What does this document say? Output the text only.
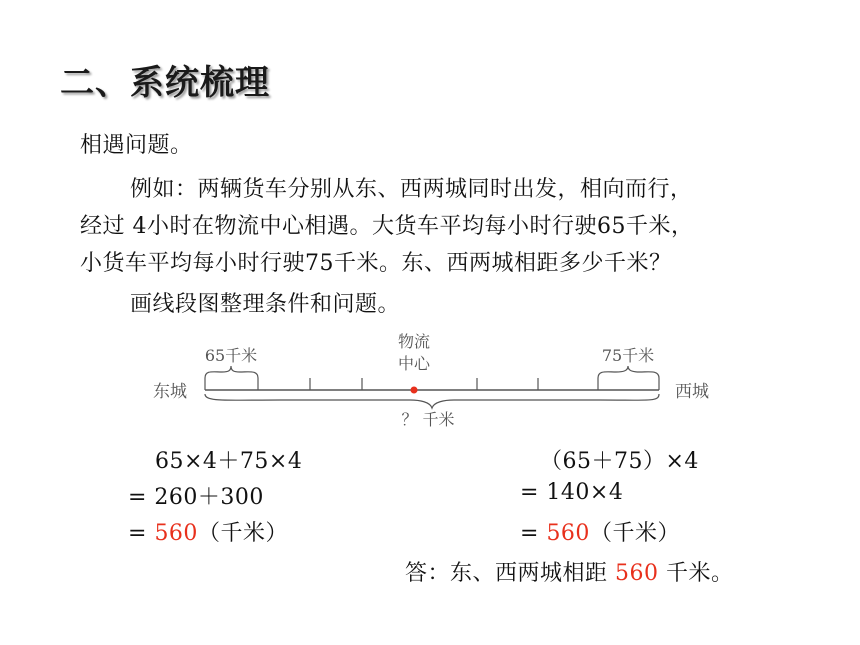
二、系统梳理
相遇问题。
例如：两辆货车分别从东、西两城同时出发，相向而行，
经过 4小时在物流中心相遇。大货车平均每小时行驶65千米，
小货车平均每小时行驶75千米。东、西两城相距多少千米？
画线段图整理条件和问题。
65千米	75千米
物流
中心
东城	西城
？ 千米
65×4＋75×4
= 260＋300
= 560（千米）
（65＋75）×4
= 140×4
= 560（千米）
答：东、西两城相距 560 千米。
